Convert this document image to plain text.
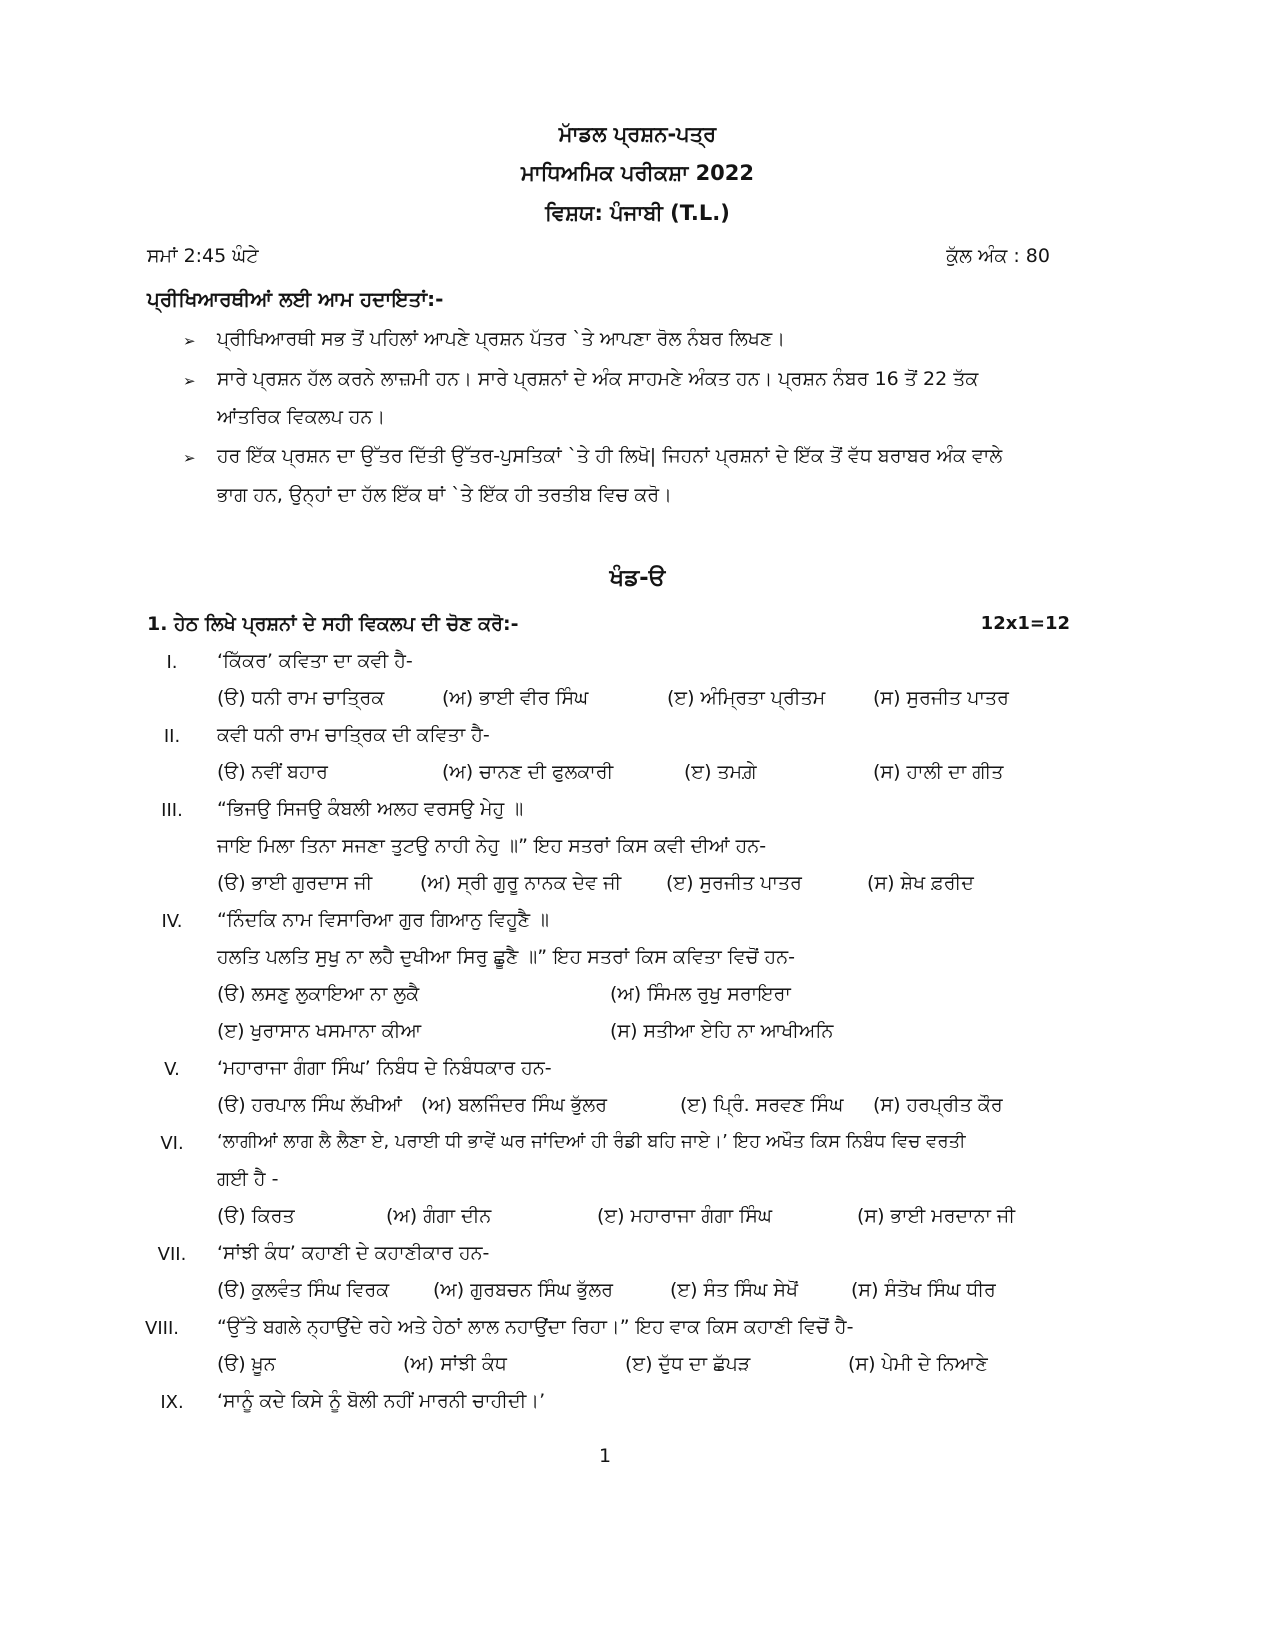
ਮਾੱਡਲ ਪ੍ਰਸ਼ਨ-ਪਤ੍ਰ
ਮਾਧਿਅਮਿਕ ਪਰੀਕਸ਼ਾ 2022
ਵਿਸ਼ਯ: ਪੰਜਾਬੀ (T.L.)
ਸਮਾਂ 2:45 ਘੰਟੇ	ਕੁੱਲ ਅੰਕ : 80
ਪ੍ਰੀਖਿਆਰਥੀਆਂ ਲਈ ਆਮ ਹਦਾਇਤਾਂ:-
➢ ਪ੍ਰੀਖਿਆਰਥੀ ਸਭ ਤੋਂ ਪਹਿਲਾਂ ਆਪਣੇ ਪ੍ਰਸ਼ਨ ਪੱਤਰ `ਤੇ ਆਪਣਾ ਰੋਲ ਨੰਬਰ ਲਿਖਣ।
➢ ਸਾਰੇ ਪ੍ਰਸ਼ਨ ਹੱਲ ਕਰਨੇ ਲਾਜ਼ਮੀ ਹਨ। ਸਾਰੇ ਪ੍ਰਸ਼ਨਾਂ ਦੇ ਅੰਕ ਸਾਹਮਣੇ ਅੰਕਤ ਹਨ। ਪ੍ਰਸ਼ਨ ਨੰਬਰ 16 ਤੋਂ 22 ਤੱਕ
ਆਂਤਰਿਕ ਵਿਕਲਪ ਹਨ।
➢ ਹਰ ਇੱਕ ਪ੍ਰਸ਼ਨ ਦਾ ਉੱਤਰ ਦਿੱਤੀ ਉੱਤਰ-ਪੁਸਤਿਕਾਂ `ਤੇ ਹੀ ਲਿਖੋ| ਜਿਹਨਾਂ ਪ੍ਰਸ਼ਨਾਂ ਦੇ ਇੱਕ ਤੋਂ ਵੱਧ ਬਰਾਬਰ ਅੰਕ ਵਾਲੇ
ਭਾਗ ਹਨ, ਉਨ੍ਹਾਂ ਦਾ ਹੱਲ ਇੱਕ ਥਾਂ `ਤੇ ਇੱਕ ਹੀ ਤਰਤੀਬ ਵਿਚ ਕਰੋ।
ਖੰਡ-ੳ
1. ਹੇਠ ਲਿਖੇ ਪ੍ਰਸ਼ਨਾਂ ਦੇ ਸਹੀ ਵਿਕਲਪ ਦੀ ਚੋਣ ਕਰੋ:-	12x1=12
I.	‘ਕਿੱਕਰ’ ਕਵਿਤਾ ਦਾ ਕਵੀ ਹੈ-
(ੳ) ਧਨੀ ਰਾਮ ਚਾਤ੍ਰਿਕ	(ਅ) ਭਾਈ ਵੀਰ ਸਿੰਘ	(ੲ) ਅੰਮ੍ਰਿਤਾ ਪ੍ਰੀਤਮ	(ਸ) ਸੁਰਜੀਤ ਪਾਤਰ
II.	ਕਵੀ ਧਨੀ ਰਾਮ ਚਾਤ੍ਰਿਕ ਦੀ ਕਵਿਤਾ ਹੈ-
(ੳ) ਨਵੀਂ ਬਹਾਰ	(ਅ) ਚਾਨਣ ਦੀ ਫੁਲਕਾਰੀ	(ੲ) ਤਮਗ਼ੇ	(ਸ) ਹਾਲੀ ਦਾ ਗੀਤ
III.	“ਭਿਜਉ ਸਿਜਉ ਕੰਬਲੀ ਅਲਹ ਵਰਸਉ ਮੇਹੁ ॥
ਜਾਇ ਮਿਲਾ ਤਿਨਾ ਸਜਣਾ ਤੁਟਉ ਨਾਹੀ ਨੇਹੁ ॥” ਇਹ ਸਤਰਾਂ ਕਿਸ ਕਵੀ ਦੀਆਂ ਹਨ-
(ੳ) ਭਾਈ ਗੁਰਦਾਸ ਜੀ	(ਅ) ਸ੍ਰੀ ਗੁਰੂ ਨਾਨਕ ਦੇਵ ਜੀ (ੲ) ਸੁਰਜੀਤ ਪਾਤਰ	(ਸ) ਸ਼ੇਖ ਫ਼ਰੀਦ
IV.	“ਨਿੰਦਕਿ ਨਾਮ ਵਿਸਾਰਿਆ ਗੁਰ ਗਿਆਨੁ ਵਿਹੂਣੈ ॥
ਹਲਤਿ ਪਲਤਿ ਸੁਖੁ ਨਾ ਲਹੈ ਦੁਖੀਆ ਸਿਰੁ ਛੂਣੈ ॥” ਇਹ ਸਤਰਾਂ ਕਿਸ ਕਵਿਤਾ ਵਿਚੋਂ ਹਨ-
(ੳ) ਲਸਣੁ ਲੁਕਾਇਆ ਨਾ ਲੁਕੈ	(ਅ) ਸਿੰਮਲ ਰੁਖੁ ਸਰਾਇਰਾ
(ੲ) ਖੁਰਾਸਾਨ ਖਸਮਾਨਾ ਕੀਆ	(ਸ) ਸਤੀਆ ਏਹਿ ਨਾ ਆਖੀਅਨਿ
V.	‘ਮਹਾਰਾਜਾ ਗੰਗਾ ਸਿੰਘ’ ਨਿਬੰਧ ਦੇ ਨਿਬੰਧਕਾਰ ਹਨ-
(ੳ) ਹਰਪਾਲ ਸਿੰਘ ਲੱਖੀਆਂ (ਅ) ਬਲਜਿੰਦਰ ਸਿੰਘ ਭੁੱਲਰ	(ੲ) ਪ੍ਰਿੰ. ਸਰਵਣ ਸਿੰਘ (ਸ) ਹਰਪ੍ਰੀਤ ਕੌਰ
VI.	‘ਲਾਗੀਆਂ ਲਾਗ ਲੈ ਲੈਣਾ ਏ, ਪਰਾਈ ਧੀ ਭਾਵੇਂ ਘਰ ਜਾਂਦਿਆਂ ਹੀ ਰੰਡੀ ਬਹਿ ਜਾਏ।’ ਇਹ ਅਖੌਤ ਕਿਸ ਨਿਬੰਧ ਵਿਚ ਵਰਤੀ
ਗਈ ਹੈ -
(ੳ) ਕਿਰਤ	(ਅ) ਗੰਗਾ ਦੀਨ	(ੲ) ਮਹਾਰਾਜਾ ਗੰਗਾ ਸਿੰਘ	(ਸ) ਭਾਈ ਮਰਦਾਨਾ ਜੀ
VII.	‘ਸਾਂਝੀ ਕੰਧ’ ਕਹਾਣੀ ਦੇ ਕਹਾਣੀਕਾਰ ਹਨ-
(ੳ) ਕੁਲਵੰਤ ਸਿੰਘ ਵਿਰਕ (ਅ) ਗੁਰਬਚਨ ਸਿੰਘ ਭੁੱਲਰ	(ੲ) ਸੰਤ ਸਿੰਘ ਸੇਖੋਂ	(ਸ) ਸੰਤੋਖ ਸਿੰਘ ਧੀਰ
VIII.	“ਉੱਤੇ ਬਗਲੇ ਨ੍ਹਾਉਂਦੇ ਰਹੇ ਅਤੇ ਹੇਠਾਂ ਲਾਲ ਨਹਾਉਂਦਾ ਰਿਹਾ।” ਇਹ ਵਾਕ ਕਿਸ ਕਹਾਣੀ ਵਿਚੋਂ ਹੈ-
(ੳ) ਖ਼ੂਨ	(ਅ) ਸਾਂਝੀ ਕੰਧ	(ੲ) ਦੁੱਧ ਦਾ ਛੱਪੜ	(ਸ) ਪੇਮੀ ਦੇ ਨਿਆਣੇ
IX.	‘ਸਾਨੂੰ ਕਦੇ ਕਿਸੇ ਨੂੰ ਬੋਲੀ ਨਹੀਂ ਮਾਰਨੀ ਚਾਹੀਦੀ।’
1
